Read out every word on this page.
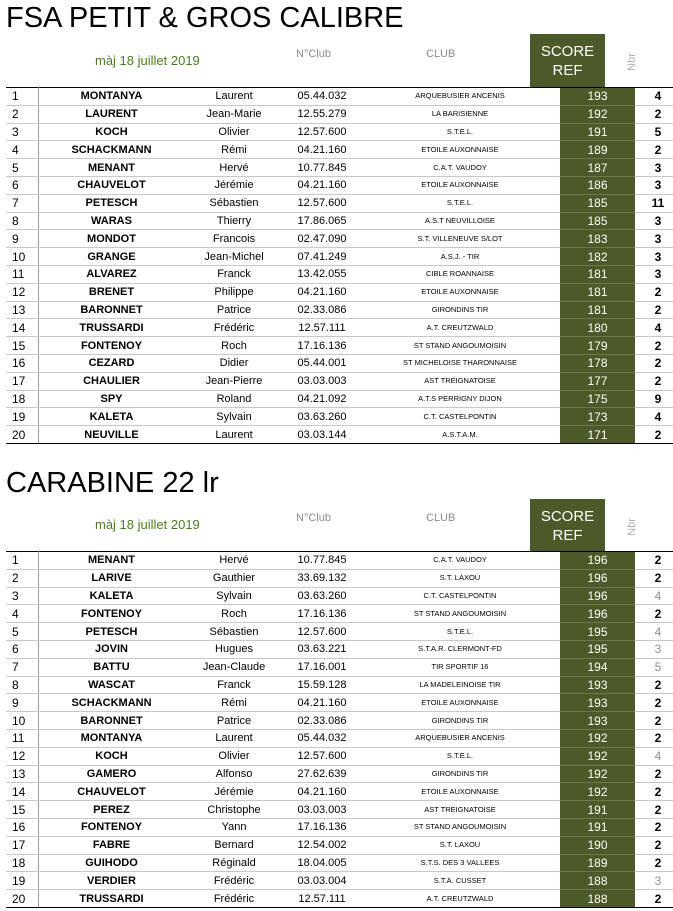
FSA PETIT & GROS CALIBRE
màj 18 juillet 2019	N°Club	CLUB	SCORE
REF	Nbr
1	MONTANYA	Laurent	05.44.032	ARQUEBUSIER ANCENIS	193		4
2	LAURENT	Jean-Marie	12.55.279	LA BARISIENNE	192		2
3	KOCH	Olivier	12.57.600	S.T.E.L.	191		5
4	SCHACKMANN	Rémi	04.21.160	ETOILE AUXONNAISE	189		2
5	MENANT	Hervé	10.77.845	C.A.T. VAUDOY	187		3
6	CHAUVELOT	Jérémie	04.21.160	ETOILE AUXONNAISE	186		3
7	PETESCH	Sébastien	12.57.600	S.T.E.L.	185		11
8	WARAS	Thierry	17.86.065	A.S.T NEUVILLOISE	185		3
9	MONDOT	Francois	02.47.090	S.T. VILLENEUVE S/LOT	183		3
10	GRANGE	Jean-Michel	07.41.249	A.S.J. - TIR	182		3
11	ALVAREZ	Franck	13.42.055	CIBLE ROANNAISE	181		3
12	BRENET	Philippe	04.21.160	ETOILE AUXONNAISE	181		2
13	BARONNET	Patrice	02.33.086	GIRONDINS TIR	181		2
14	TRUSSARDI	Frédéric	12.57.111	A.T. CREUTZWALD	180		4
15	FONTENOY	Roch	17.16.136	ST STAND ANGOUMOISIN	179		2
16	CEZARD	Didier	05.44.001	ST MICHELOISE THARONNAISE	178		2
17	CHAULIER	Jean-Pierre	03.03.003	AST TREIGNATOISE	177		2
18	SPY	Roland	04.21.092	A.T.S PERRIGNY DIJON	175		9
19	KALETA	Sylvain	03.63.260	C.T. CASTELPONTIN	173		4
20	NEUVILLE	Laurent	03.03.144	A.S.T.A.M.	171		2
CARABINE 22 lr
màj 18 juillet 2019	N°Club	CLUB	SCORE
REF	Nbr
1	MENANT	Hervé	10.77.845	C.A.T. VAUDOY	196		2
2	LARIVE	Gauthier	33.69.132	S.T. LAXOU	196		2
3	KALETA	Sylvain	03.63.260	C.T. CASTELPONTIN	196		4
4	FONTENOY	Roch	17.16.136	ST STAND ANGOUMOISIN	196		2
5	PETESCH	Sébastien	12.57.600	S.T.E.L.	195		4
6	JOVIN	Hugues	03.63.221	S.T.A.R. CLERMONT-FD	195		3
7	BATTU	Jean-Claude	17.16.001	TIR SPORTIF 16	194		5
8	WASCAT	Franck	15.59.128	LA MADELEINOISE TIR	193		2
9	SCHACKMANN	Rémi	04.21.160	ETOILE AUXONNAISE	193		2
10	BARONNET	Patrice	02.33.086	GIRONDINS TIR	193		2
11	MONTANYA	Laurent	05.44.032	ARQUEBUSIER ANCENIS	192		2
12	KOCH	Olivier	12.57.600	S.T.E.L.	192		4
13	GAMERO	Alfonso	27.62.639	GIRONDINS TIR	192		2
14	CHAUVELOT	Jérémie	04.21.160	ETOILE AUXONNAISE	192		2
15	PEREZ	Christophe	03.03.003	AST TREIGNATOISE	191		2
16	FONTENOY	Yann	17.16.136	ST STAND ANGOUMOISIN	191		2
17	FABRE	Bernard	12.54.002	S.T. LAXOU	190		2
18	GUIHODO	Réginald	18.04.005	S.T.S. DES 3 VALLEES	189		2
19	VERDIER	Frédéric	03.03.004	S.T.A. CUSSET	188		3
20	TRUSSARDI	Frédéric	12.57.111	A.T. CREUTZWALD	188		2
